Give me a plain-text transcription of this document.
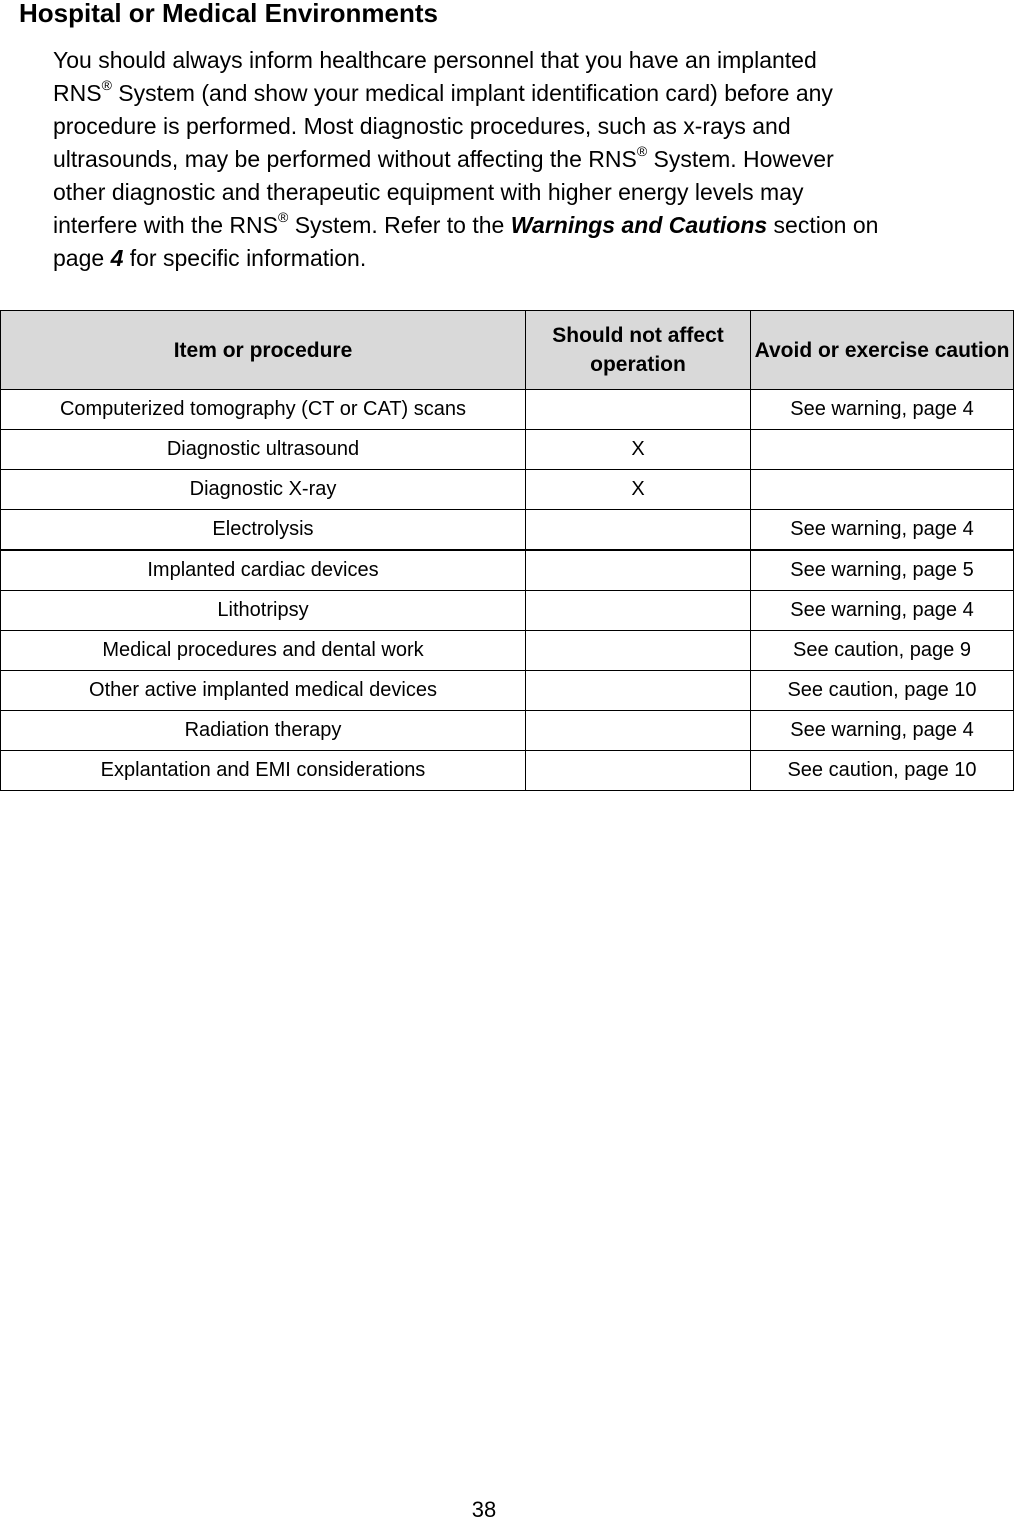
Hospital or Medical Environments
You should always inform healthcare personnel that you have an implanted
RNS® System (and show your medical implant identification card) before any
procedure is performed. Most diagnostic procedures, such as x-rays and
ultrasounds, may be performed without affecting the RNS® System. However
other diagnostic and therapeutic equipment with higher energy levels may
interfere with the RNS® System. Refer to the Warnings and Cautions section on
page 4 for specific information.
Item or procedure	Should not affect operation	Avoid or exercise caution
Computerized tomography (CT or CAT) scans		See warning, page 4
Diagnostic ultrasound	X	
Diagnostic X-ray	X	
Electrolysis		See warning, page 4
Implanted cardiac devices		See warning, page 5
Lithotripsy		See warning, page 4
Medical procedures and dental work		See caution, page 9
Other active implanted medical devices		See caution, page 10
Radiation therapy		See warning, page 4
Explantation and EMI considerations		See caution, page 10
38
